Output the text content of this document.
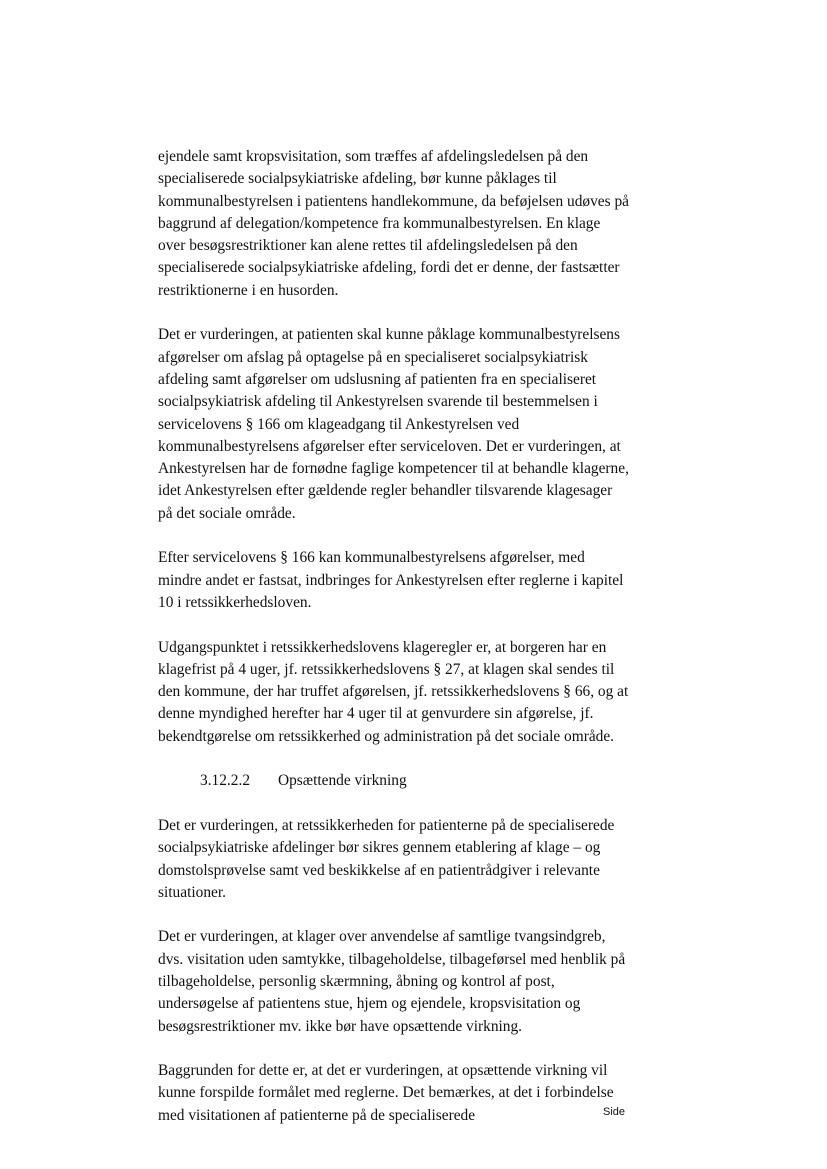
ejendele samt kropsvisitation, som træffes af afdelingsledelsen på den
specialiserede socialpsykiatriske afdeling, bør kunne påklages til
kommunalbestyrelsen i patientens handlekommune, da beføjelsen udøves på
baggrund af delegation/kompetence fra kommunalbestyrelsen. En klage
over besøgsrestriktioner kan alene rettes til afdelingsledelsen på den
specialiserede socialpsykiatriske afdeling, fordi det er denne, der fastsætter
restriktionerne i en husorden.
Det er vurderingen, at patienten skal kunne påklage kommunalbestyrelsens
afgørelser om afslag på optagelse på en specialiseret socialpsykiatrisk
afdeling samt afgørelser om udslusning af patienten fra en specialiseret
socialpsykiatrisk afdeling til Ankestyrelsen svarende til bestemmelsen i
servicelovens § 166 om klageadgang til Ankestyrelsen ved
kommunalbestyrelsens afgørelser efter serviceloven. Det er vurderingen, at
Ankestyrelsen har de fornødne faglige kompetencer til at behandle klagerne,
idet Ankestyrelsen efter gældende regler behandler tilsvarende klagesager
på det sociale område.
Efter servicelovens § 166 kan kommunalbestyrelsens afgørelser, med
mindre andet er fastsat, indbringes for Ankestyrelsen efter reglerne i kapitel
10 i retssikkerhedsloven.
Udgangspunktet i retssikkerhedslovens klageregler er, at borgeren har en
klagefrist på 4 uger, jf. retssikkerhedslovens § 27, at klagen skal sendes til
den kommune, der har truffet afgørelsen, jf. retssikkerhedslovens § 66, og at
denne myndighed herefter har 4 uger til at genvurdere sin afgørelse, jf.
bekendtgørelse om retssikkerhed og administration på det sociale område.
3.12.2.2 Opsættende virkning
Det er vurderingen, at retssikkerheden for patienterne på de specialiserede
socialpsykiatriske afdelinger bør sikres gennem etablering af klage – og
domstolsprøvelse samt ved beskikkelse af en patientrådgiver i relevante
situationer.
Det er vurderingen, at klager over anvendelse af samtlige tvangsindgreb,
dvs. visitation uden samtykke, tilbageholdelse, tilbageførsel med henblik på
tilbageholdelse, personlig skærmning, åbning og kontrol af post,
undersøgelse af patientens stue, hjem og ejendele, kropsvisitation og
besøgsrestriktioner mv. ikke bør have opsættende virkning.
Baggrunden for dette er, at det er vurderingen, at opsættende virkning vil
kunne forspilde formålet med reglerne. Det bemærkes, at det i forbindelse
med visitationen af patienterne på de specialiserede	Side
